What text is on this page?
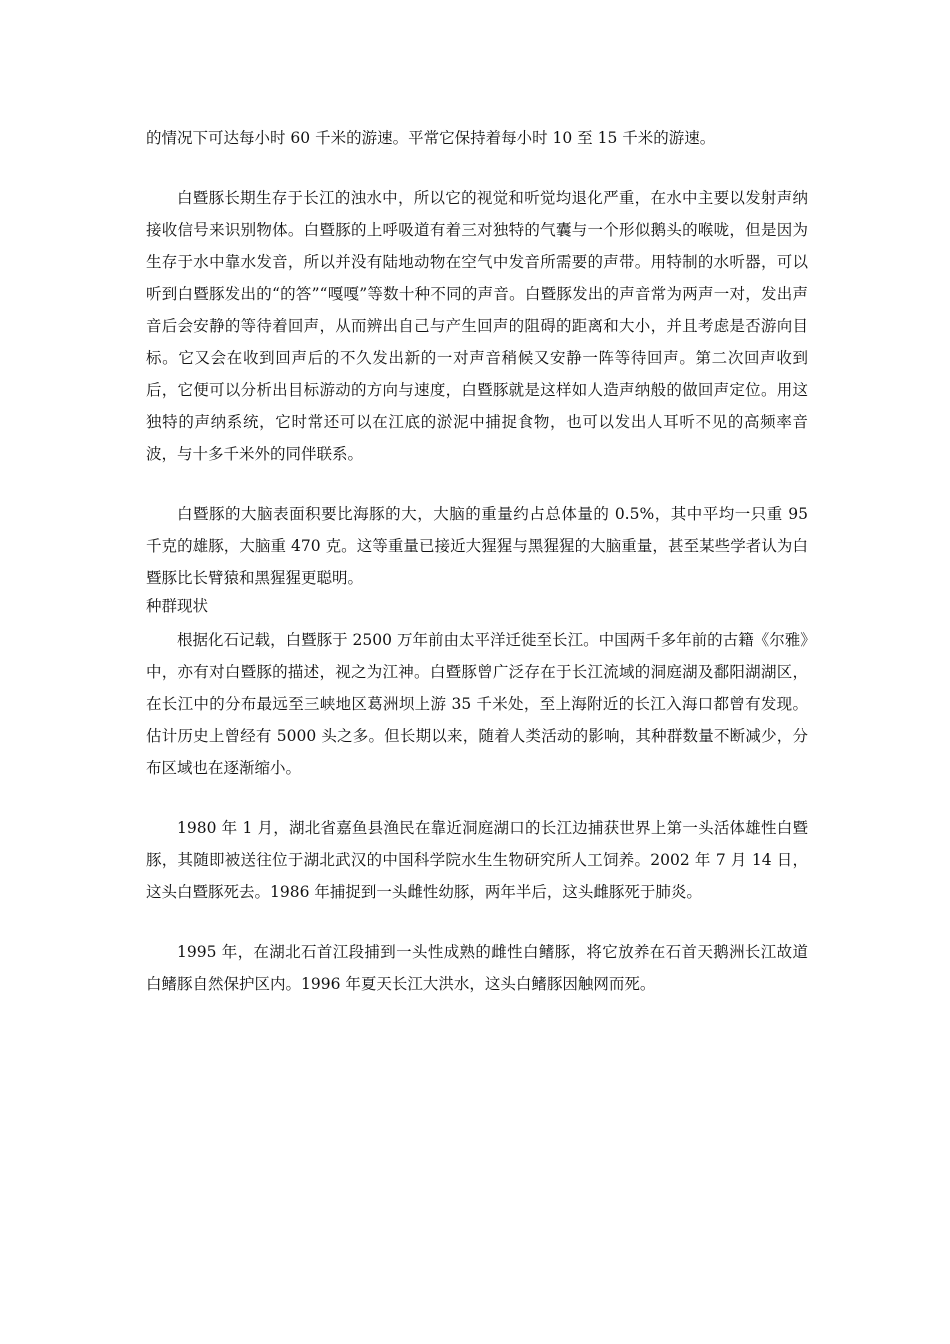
的情况下可达每小时 60 千米的游速。平常它保持着每小时 10 至 15 千米的游速。

白暨豚长期生存于长江的浊水中，所以它的视觉和听觉均退化严重，在水中主要以发射声纳接收信号来识别物体。白暨豚的上呼吸道有着三对独特的气囊与一个形似鹅头的喉咙，但是因为生存于水中靠水发音，所以并没有陆地动物在空气中发音所需要的声带。用特制的水听器，可以听到白暨豚发出的“的答”“嘎嘎”等数十种不同的声音。白暨豚发出的声音常为两声一对，发出声音后会安静的等待着回声，从而辨出自己与产生回声的阻碍的距离和大小，并且考虑是否游向目标。它又会在收到回声后的不久发出新的一对声音稍候又安静一阵等待回声。第二次回声收到后，它便可以分析出目标游动的方向与速度，白暨豚就是这样如人造声纳般的做回声定位。用这独特的声纳系统，它时常还可以在江底的淤泥中捕捉食物，也可以发出人耳听不见的高频率音波，与十多千米外的同伴联系。

白暨豚的大脑表面积要比海豚的大，大脑的重量约占总体量的 0.5%，其中平均一只重 95 千克的雄豚，大脑重 470 克。这等重量已接近大猩猩与黑猩猩的大脑重量，甚至某些学者认为白暨豚比长臂猿和黑猩猩更聪明。

种群现状

根据化石记载，白暨豚于 2500 万年前由太平洋迁徙至长江。中国两千多年前的古籍《尔雅》中，亦有对白暨豚的描述，视之为江神。白暨豚曾广泛存在于长江流域的洞庭湖及鄱阳湖湖区，在长江中的分布最远至三峡地区葛洲坝上游 35 千米处，至上海附近的长江入海口都曾有发现。估计历史上曾经有 5000 头之多。但长期以来，随着人类活动的影响，其种群数量不断减少，分布区域也在逐渐缩小。

1980 年 1 月，湖北省嘉鱼县渔民在靠近洞庭湖口的长江边捕获世界上第一头活体雄性白暨豚，其随即被送往位于湖北武汉的中国科学院水生生物研究所人工饲养。2002 年 7 月 14 日，这头白暨豚死去。1986 年捕捉到一头雌性幼豚，两年半后，这头雌豚死于肺炎。

1995 年，在湖北石首江段捕到一头性成熟的雌性白鳍豚，将它放养在石首天鹅洲长江故道白鳍豚自然保护区内。1996 年夏天长江大洪水，这头白鳍豚因触网而死。
